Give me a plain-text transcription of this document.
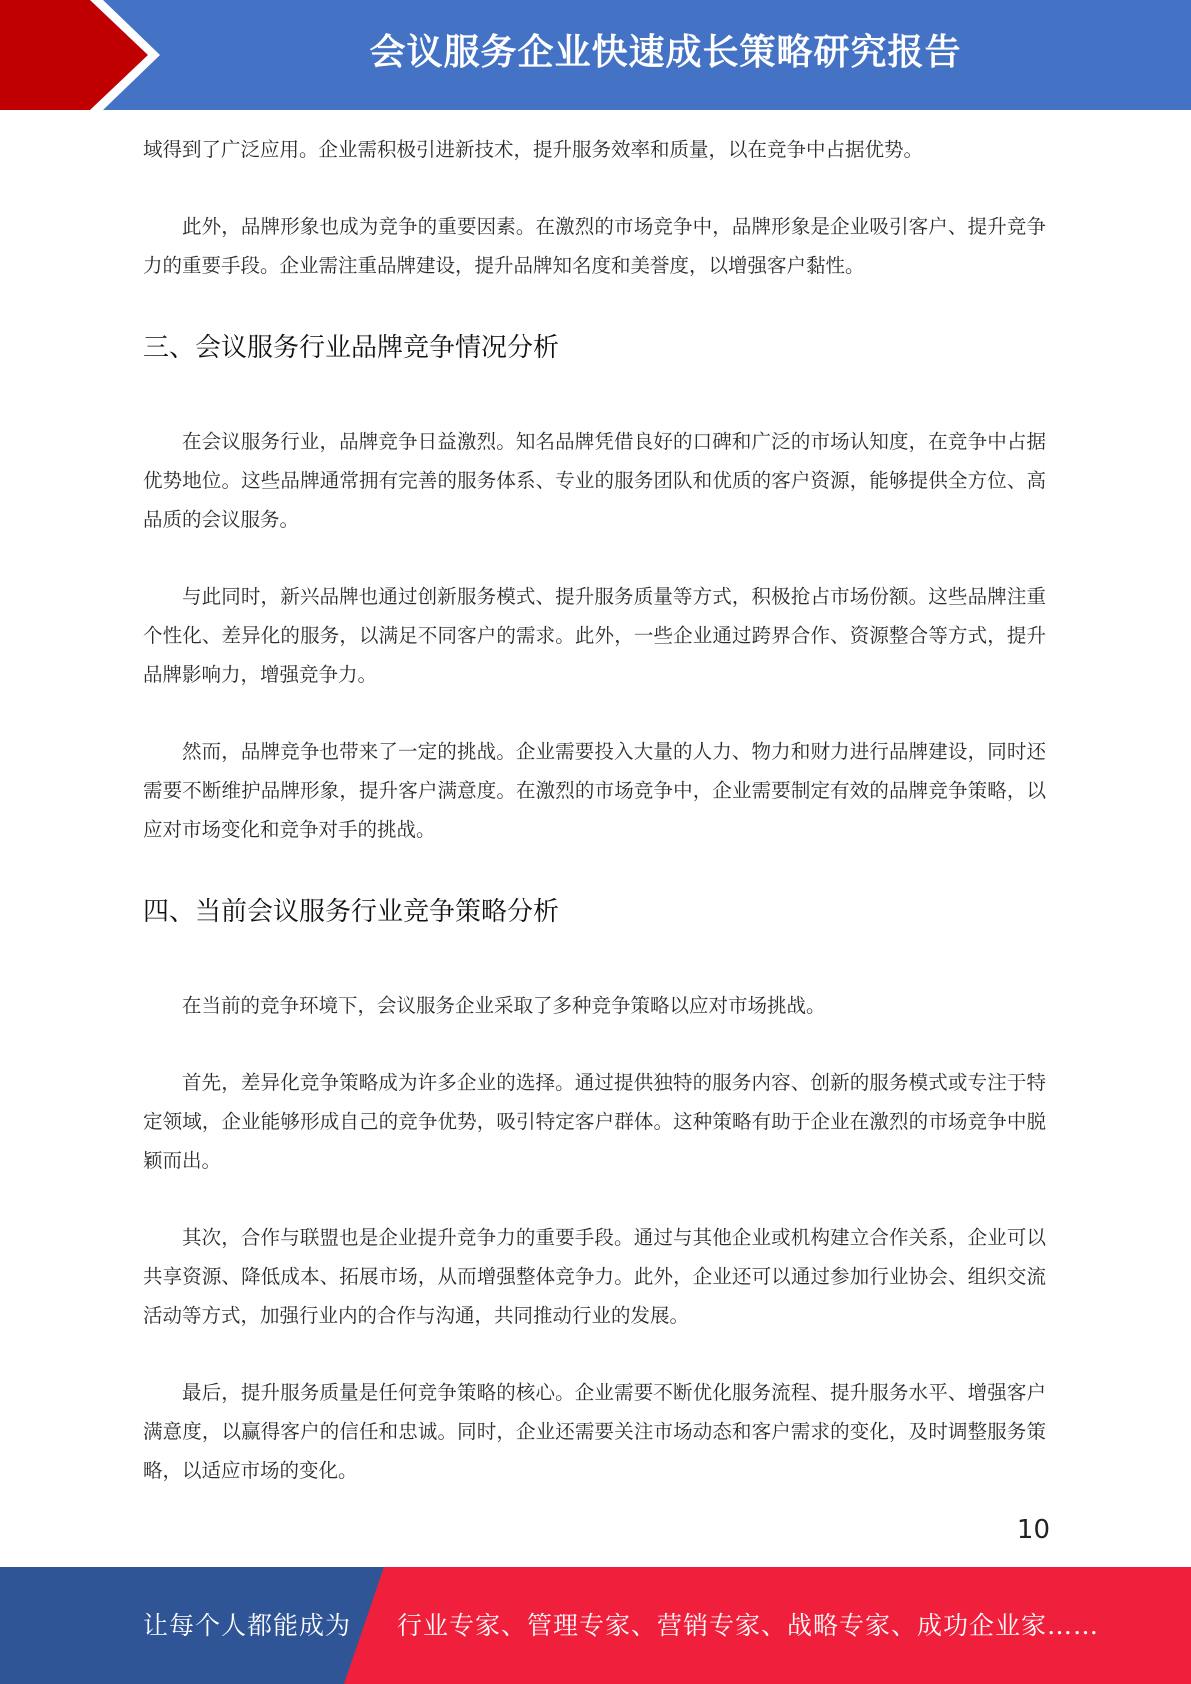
会议服务企业快速成长策略研究报告

域得到了广泛应用。企业需积极引进新技术，提升服务效率和质量，以在竞争中占据优势。

此外，品牌形象也成为竞争的重要因素。在激烈的市场竞争中，品牌形象是企业吸引客户、提升竞争力的重要手段。企业需注重品牌建设，提升品牌知名度和美誉度，以增强客户黏性。

三、会议服务行业品牌竞争情况分析

在会议服务行业，品牌竞争日益激烈。知名品牌凭借良好的口碑和广泛的市场认知度，在竞争中占据优势地位。这些品牌通常拥有完善的服务体系、专业的服务团队和优质的客户资源，能够提供全方位、高品质的会议服务。

与此同时，新兴品牌也通过创新服务模式、提升服务质量等方式，积极抢占市场份额。这些品牌注重个性化、差异化的服务，以满足不同客户的需求。此外，一些企业通过跨界合作、资源整合等方式，提升品牌影响力，增强竞争力。

然而，品牌竞争也带来了一定的挑战。企业需要投入大量的人力、物力和财力进行品牌建设，同时还需要不断维护品牌形象，提升客户满意度。在激烈的市场竞争中，企业需要制定有效的品牌竞争策略，以应对市场变化和竞争对手的挑战。

四、当前会议服务行业竞争策略分析

在当前的竞争环境下，会议服务企业采取了多种竞争策略以应对市场挑战。

首先，差异化竞争策略成为许多企业的选择。通过提供独特的服务内容、创新的服务模式或专注于特定领域，企业能够形成自己的竞争优势，吸引特定客户群体。这种策略有助于企业在激烈的市场竞争中脱颖而出。

其次，合作与联盟也是企业提升竞争力的重要手段。通过与其他企业或机构建立合作关系，企业可以共享资源、降低成本、拓展市场，从而增强整体竞争力。此外，企业还可以通过参加行业协会、组织交流活动等方式，加强行业内的合作与沟通，共同推动行业的发展。

最后，提升服务质量是任何竞争策略的核心。企业需要不断优化服务流程、提升服务水平、增强客户满意度，以赢得客户的信任和忠诚。同时，企业还需要关注市场动态和客户需求的变化，及时调整服务策略，以适应市场的变化。

10
让每个人都能成为 行业专家、管理专家、营销专家、战略专家、成功企业家……
